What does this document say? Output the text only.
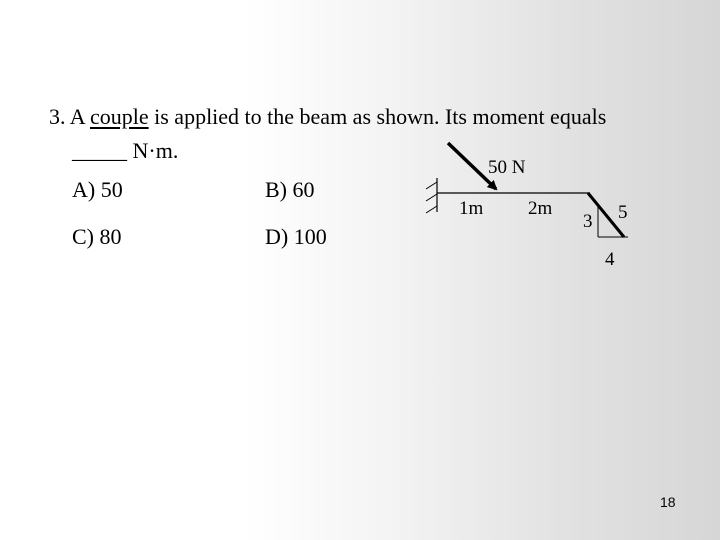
3. A couple is applied to the beam as shown. Its moment equals
_____ N·m.
A) 50	B) 60
C) 80	D) 100
50 N
1m 2m
3 5
4
18
